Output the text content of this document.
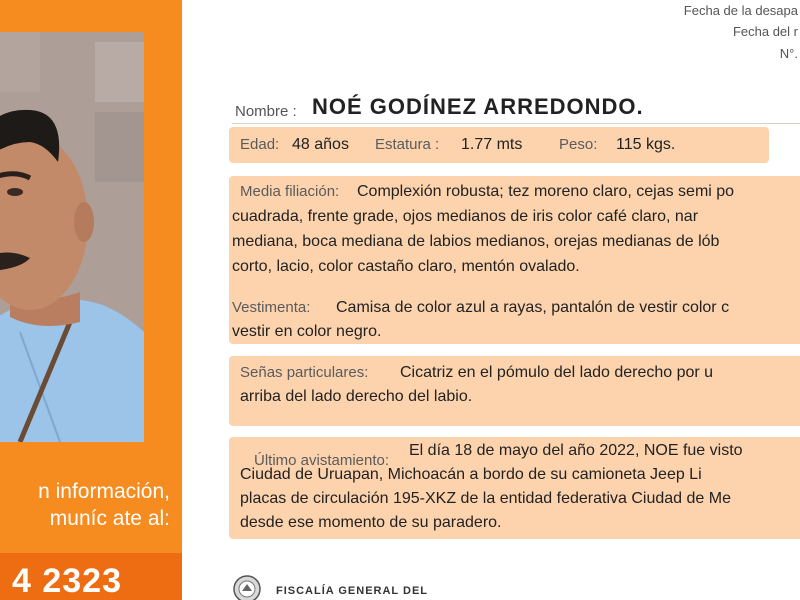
n información,
muníc ate al:
4 2323
Fecha de la desapa
Fecha del r
N°.
Nombre : NOÉ GODÍNEZ ARREDONDO.
Edad: 48 años Estatura : 1.77 mts Peso: 115 kgs.
Media filiación: Complexión robusta; tez moreno claro, cejas semi po
cuadrada, frente grade, ojos medianos de iris color café claro, nar
mediana, boca mediana de labios medianos, orejas medianas de lób
corto, lacio, color castaño claro, mentón ovalado.
Vestimenta: Camisa de color azul a rayas, pantalón de vestir color c
vestir en color negro.
Señas particulares: Cicatriz en el pómulo del lado derecho por u
arriba del lado derecho del labio.
Último avistamiento:
El día 18 de mayo del año 2022, NOE fue visto
Ciudad de Uruapan, Michoacán a bordo de su camioneta Jeep Li
placas de circulación 195-XKZ de la entidad federativa Ciudad de Me
desde ese momento de su paradero.
FISCALÍA GENERAL DEL
